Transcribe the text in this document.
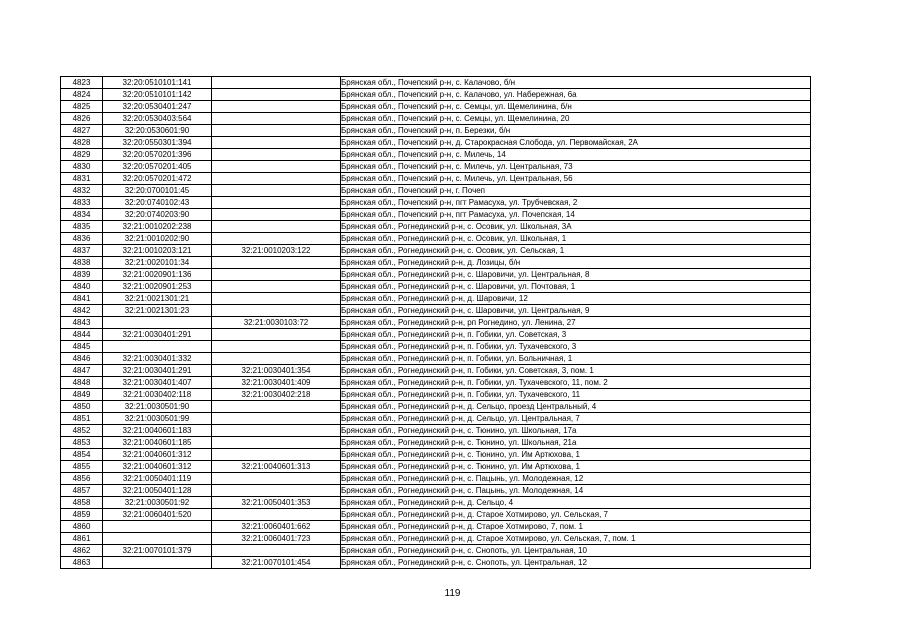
4823	32:20:0510101:141		Брянская обл., Почепский р-н, с. Калачово, б/н
4824	32:20:0510101:142		Брянская обл., Почепский р-н, с. Калачово, ул. Набережная, 6а
4825	32:20:0530401:247		Брянская обл., Почепский р-н, с. Семцы, ул. Щемелинина, б/н
4826	32:20:0530403:564		Брянская обл., Почепский р-н, с. Семцы, ул. Щемелинина, 20
4827	32:20:0530601:90		Брянская обл., Почепский р-н, п. Березки, б/н
4828	32:20:0550301:394		Брянская обл., Почепский р-н, д. Старокрасная Слобода, ул. Первомайская, 2А
4829	32:20:0570201:396		Брянская обл., Почепский р-н, с. Милечь, 14
4830	32:20:0570201:405		Брянская обл., Почепский р-н, с. Милечь, ул. Центральная, 73
4831	32:20:0570201:472		Брянская обл., Почепский р-н, с. Милечь, ул. Центральная, 56
4832	32:20:0700101:45		Брянская обл., Почепский р-н, г. Почеп
4833	32:20:0740102:43		Брянская обл., Почепский р-н, пгт Рамасуха, ул. Трубчевская, 2
4834	32:20:0740203:90		Брянская обл., Почепский р-н, пгт Рамасуха, ул. Почепская, 14
4835	32:21:0010202:238		Брянская обл., Рогнединский р-н, с. Осовик, ул. Школьная, 3А
4836	32:21:0010202:90		Брянская обл., Рогнединский р-н, с. Осовик, ул. Школьная, 1
4837	32:21:0010203:121	32:21:0010203:122	Брянская обл., Рогнединский р-н, с. Осовик, ул. Сельская, 1
4838	32:21:0020101:34		Брянская обл., Рогнединский р-н, д. Лозицы, б/н
4839	32:21:0020901:136		Брянская обл., Рогнединский р-н, с. Шаровичи, ул. Центральная, 8
4840	32:21:0020901:253		Брянская обл., Рогнединский р-н, с. Шаровичи, ул. Почтовая, 1
4841	32:21:0021301:21		Брянская обл., Рогнединский р-н, д. Шаровичи, 12
4842	32:21:0021301:23		Брянская обл., Рогнединский р-н, с. Шаровичи, ул. Центральная, 9
4843		32:21:0030103:72	Брянская обл., Рогнединский р-н, рп Рогнедино, ул. Ленина, 27
4844	32:21:0030401:291		Брянская обл., Рогнединский р-н, п. Гобики, ул. Советская, 3
4845			Брянская обл., Рогнединский р-н, п. Гобики, ул. Тухачевского, 3
4846	32:21:0030401:332		Брянская обл., Рогнединский р-н, п. Гобики, ул. Больничная, 1
4847	32:21:0030401:291	32:21:0030401:354	Брянская обл., Рогнединский р-н, п. Гобики, ул. Советская, 3, пом. 1
4848	32:21:0030401:407	32:21:0030401:409	Брянская обл., Рогнединский р-н, п. Гобики, ул. Тухачевского, 11, пом. 2
4849	32:21:0030402:118	32:21:0030402:218	Брянская обл., Рогнединский р-н, п. Гобики, ул. Тухачевского, 11
4850	32:21:0030501:90		Брянская обл., Рогнединский р-н, д. Сельцо, проезд Центральный, 4
4851	32:21:0030501:99		Брянская обл., Рогнединский р-н, д. Сельцо, ул. Центральная, 7
4852	32:21:0040601:183		Брянская обл., Рогнединский р-н, с. Тюнино, ул. Школьная, 17а
4853	32:21:0040601:185		Брянская обл., Рогнединский р-н, с. Тюнино, ул. Школьная, 21а
4854	32:21:0040601:312		Брянская обл., Рогнединский р-н, с. Тюнино, ул. Им Артюхова, 1
4855	32:21:0040601:312	32:21:0040601:313	Брянская обл., Рогнединский р-н, с. Тюнино, ул. Им Артюхова, 1
4856	32:21:0050401:119		Брянская обл., Рогнединский р-н, с. Пацынь, ул. Молодежная, 12
4857	32:21:0050401:128		Брянская обл., Рогнединский р-н, с. Пацынь, ул. Молодежная, 14
4858	32:21:0030501:92	32:21:0050401:353	Брянская обл., Рогнединский р-н, д. Сельцо, 4
4859	32:21:0060401:520		Брянская обл., Рогнединский р-н, д. Старое Хотмирово, ул. Сельская, 7
4860		32:21:0060401:662	Брянская обл., Рогнединский р-н, д. Старое Хотмирово, 7, пом. 1
4861		32:21:0060401:723	Брянская обл., Рогнединский р-н, д. Старое Хотмирово, ул. Сельская, 7, пом. 1
4862	32:21:0070101:379		Брянская обл., Рогнединский р-н, с. Снопоть, ул. Центральная, 10
4863		32:21:0070101:454	Брянская обл., Рогнединский р-н, с. Снопоть, ул. Центральная, 12
119
